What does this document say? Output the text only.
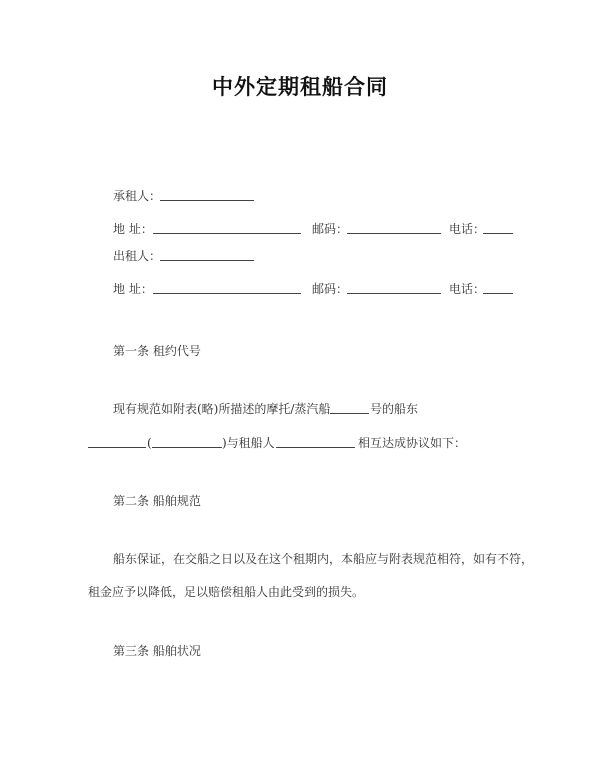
中外定期租船合同
承租人：
地 址：	邮码：	电话：
出租人：
地 址：	邮码：	电话：
第一条 租约代号
现有规范如附表(略)所描述的摩托/蒸汽船	号的船东
(	)与租船人	相互达成协议如下：
第二条 船舶规范
船东保证，在交船之日以及在这个租期内，本船应与附表规范相符，如有不符，
租金应予以降低，足以赔偿租船人由此受到的损失。
第三条 船舶状况
